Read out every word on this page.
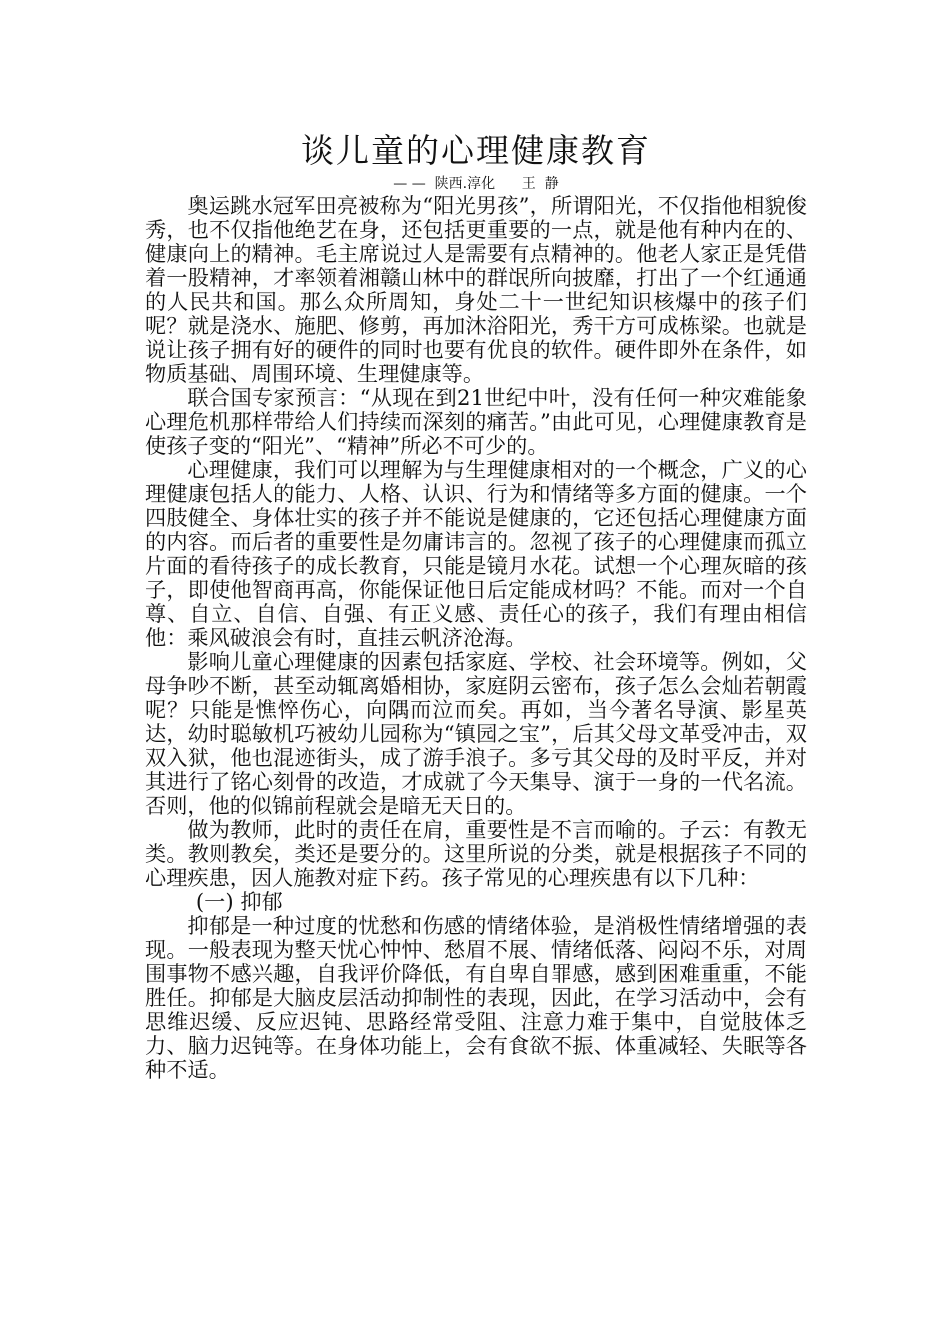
谈儿童的心理健康教育
— —  陕西.淳化      王  静

奥运跳水冠军田亮被称为“阳光男孩”，所谓阳光，不仅指他相貌俊秀，也不仅指他绝艺在身，还包括更重要的一点，就是他有种内在的、健康向上的精神。毛主席说过人是需要有点精神的。他老人家正是凭借着一股精神，才率领着湘赣山林中的群氓所向披靡，打出了一个红通通的人民共和国。那么众所周知，身处二十一世纪知识核爆中的孩子们呢？就是浇水、施肥、修剪，再加沐浴阳光，秀干方可成栋梁。也就是说让孩子拥有好的硬件的同时也要有优良的软件。硬件即外在条件，如物质基础、周围环境、生理健康等。

联合国专家预言：“从现在到21世纪中叶，没有任何一种灾难能象心理危机那样带给人们持续而深刻的痛苦。”由此可见，心理健康教育是使孩子变的“阳光”、“精神”所必不可少的。

心理健康，我们可以理解为与生理健康相对的一个概念，广义的心理健康包括人的能力、人格、认识、行为和情绪等多方面的健康。一个四肢健全、身体壮实的孩子并不能说是健康的，它还包括心理健康方面的内容。而后者的重要性是勿庸讳言的。忽视了孩子的心理健康而孤立片面的看待孩子的成长教育，只能是镜月水花。试想一个心理灰暗的孩子，即使他智商再高，你能保证他日后定能成材吗？不能。而对一个自尊、自立、自信、自强、有正义感、责任心的孩子，我们有理由相信他：乘风破浪会有时，直挂云帆济沧海。

影响儿童心理健康的因素包括家庭、学校、社会环境等。例如，父母争吵不断，甚至动辄离婚相协，家庭阴云密布，孩子怎么会灿若朝霞呢？只能是憔悴伤心，向隅而泣而矣。再如，当今著名导演、影星英达，幼时聪敏机巧被幼儿园称为“镇园之宝”，后其父母文革受冲击，双双入狱，他也混迹街头，成了游手浪子。多亏其父母的及时平反，并对其进行了铭心刻骨的改造，才成就了今天集导、演于一身的一代名流。否则，他的似锦前程就会是暗无天日的。

做为教师，此时的责任在肩，重要性是不言而喻的。子云：有教无类。教则教矣，类还是要分的。这里所说的分类，就是根据孩子不同的心理疾患，因人施教对症下药。孩子常见的心理疾患有以下几种：

(一) 抑郁

抑郁是一种过度的忧愁和伤感的情绪体验，是消极性情绪增强的表现。一般表现为整天忧心忡忡、愁眉不展、情绪低落、闷闷不乐，对周围事物不感兴趣，自我评价降低，有自卑自罪感，感到困难重重，不能胜任。抑郁是大脑皮层活动抑制性的表现，因此，在学习活动中，会有思维迟缓、反应迟钝、思路经常受阻、注意力难于集中，自觉肢体乏力、脑力迟钝等。在身体功能上，会有食欲不振、体重减轻、失眠等各种不适。
